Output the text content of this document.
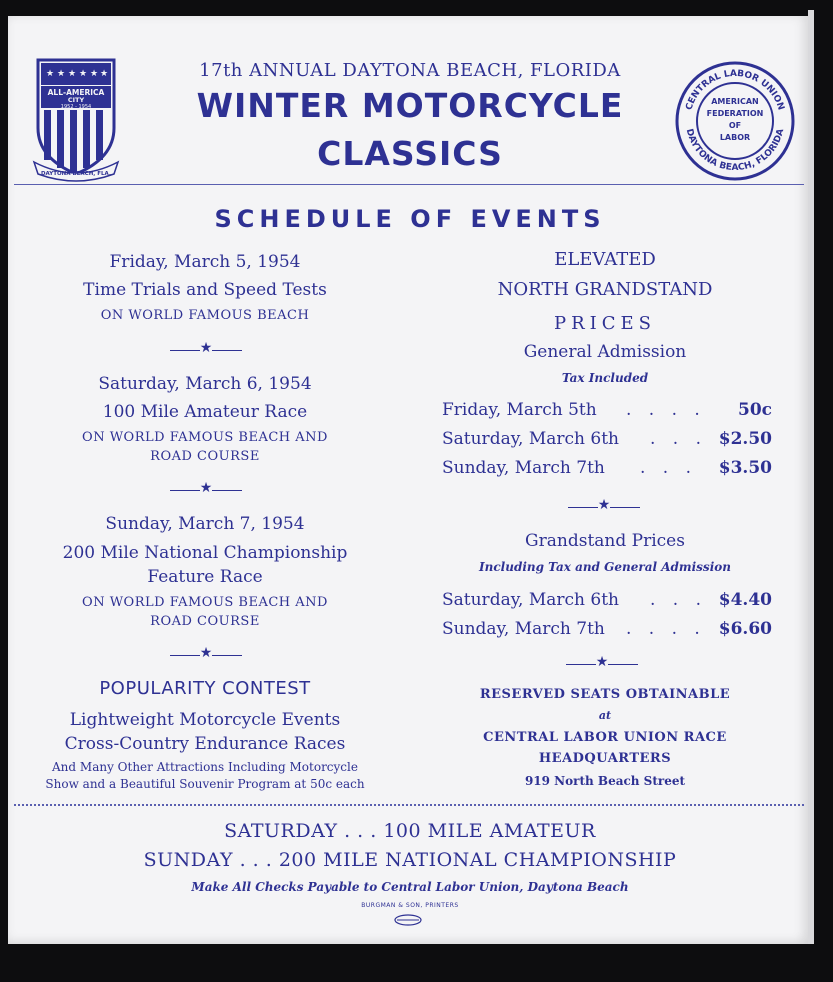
★ ★ ★ ★ ★ ★
ALL-AMERICA
CITY
1952 - 1954
DAYTONA BEACH, FLA.
CENTRAL LABOR UNION
DAYTONA BEACH, FLORIDA
AMERICAN
FEDERATION
OF
LABOR
17th ANNUAL DAYTONA BEACH, FLORIDA
WINTER MOTORCYCLE
CLASSICS
SCHEDULE OF EVENTS
Friday, March 5, 1954
Time Trials and Speed Tests
ON WORLD FAMOUS BEACH
★
Saturday, March 6, 1954
100 Mile Amateur Race
ON WORLD FAMOUS BEACH AND
ROAD COURSE
★
Sunday, March 7, 1954
200 Mile National Championship
Feature Race
ON WORLD FAMOUS BEACH AND
ROAD COURSE
★
POPULARITY CONTEST
Lightweight Motorcycle Events
Cross-Country Endurance Races
And Many Other Attractions Including Motorcycle
Show and a Beautiful Souvenir Program at 50c each
ELEVATED
NORTH GRANDSTAND
PRICES
General Admission
Tax Included
Friday, March 5th . . . . 50c
Saturday, March 6th . . . $2.50
Sunday, March 7th . . . $3.50
★
Grandstand Prices
Including Tax and General Admission
Saturday, March 6th . . . $4.40
Sunday, March 7th . . . . $6.60
★
RESERVED SEATS OBTAINABLE
at
CENTRAL LABOR UNION RACE
HEADQUARTERS
919 North Beach Street
SATURDAY . . . 100 MILE AMATEUR
SUNDAY . . . 200 MILE NATIONAL CHAMPIONSHIP
Make All Checks Payable to Central Labor Union, Daytona Beach
BURGMAN & SON, PRINTERS
